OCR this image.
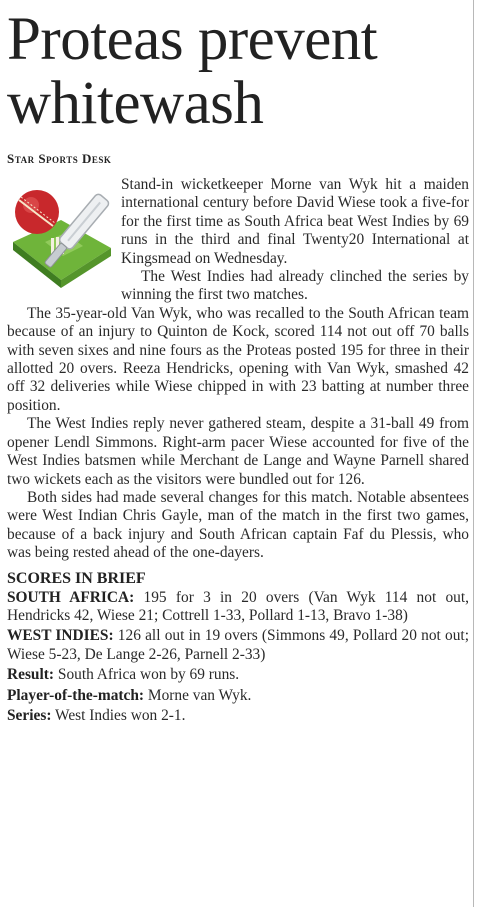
Proteas prevent
whitewash
Star Sports Desk

Stand-in wicketkeeper Morne van Wyk hit a maiden international century before David Wiese took a five-for for the first time as South Africa beat West Indies by 69 runs in the third and final Twenty20 International at Kingsmead on Wednesday.

The West Indies had already clinched the series by winning the first two matches.

The 35-year-old Van Wyk, who was recalled to the South African team because of an injury to Quinton de Kock, scored 114 not out off 70 balls with seven sixes and nine fours as the Proteas posted 195 for three in their allotted 20 overs. Reeza Hendricks, opening with Van Wyk, smashed 42 off 32 deliveries while Wiese chipped in with 23 batting at number three position.

The West Indies reply never gathered steam, despite a 31-ball 49 from opener Lendl Simmons. Right-arm pacer Wiese accounted for five of the West Indies batsmen while Merchant de Lange and Wayne Parnell shared two wickets each as the visitors were bundled out for 126.

Both sides had made several changes for this match. Notable absentees were West Indian Chris Gayle, man of the match in the first two games, because of a back injury and South African captain Faf du Plessis, who was being rested ahead of the one-dayers.

SCORES IN BRIEF

SOUTH AFRICA: 195 for 3 in 20 overs (Van Wyk 114 not out, Hendricks 42, Wiese 21; Cottrell 1-33, Pollard 1-13, Bravo 1-38)

WEST INDIES: 126 all out in 19 overs (Simmons 49, Pollard 20 not out; Wiese 5-23, De Lange 2-26, Parnell 2-33)

Result: South Africa won by 69 runs.

Player-of-the-match: Morne van Wyk.

Series: West Indies won 2-1.
